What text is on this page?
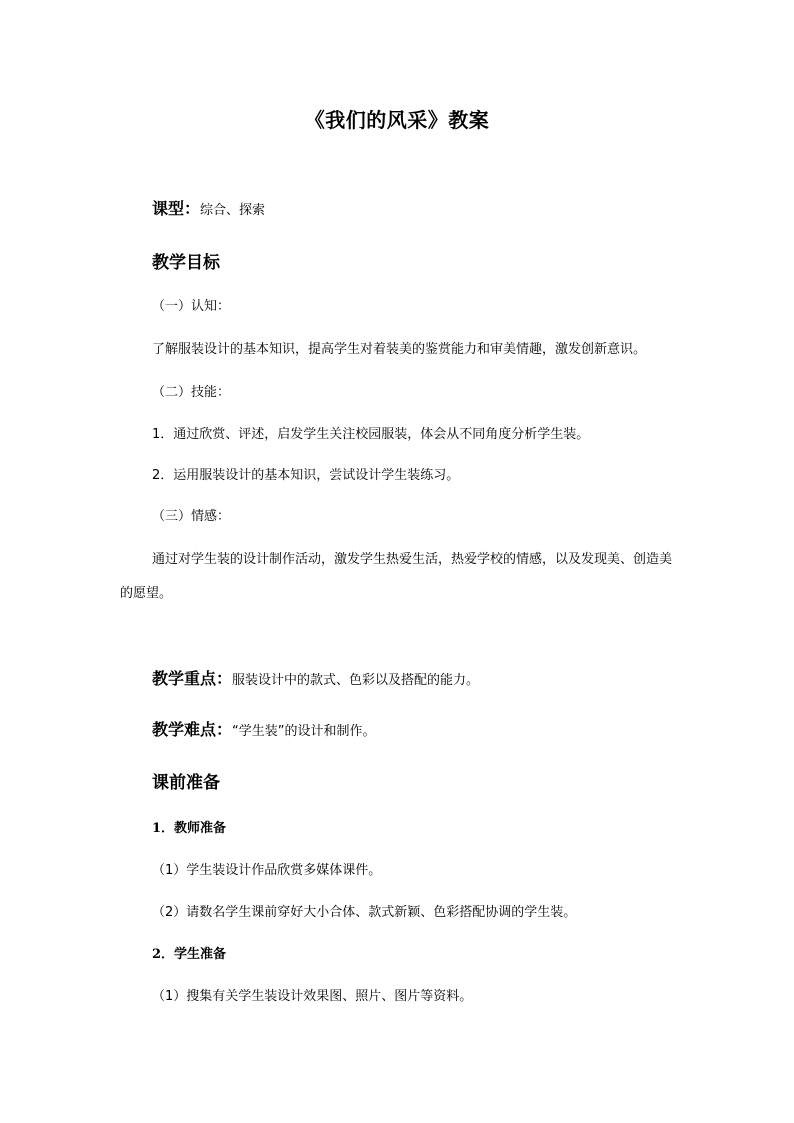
《我们的风采》教案
课型：综合、探索
教学目标
（一）认知：
了解服装设计的基本知识，提高学生对着装美的鉴赏能力和审美情趣，激发创新意识。
（二）技能：
1．通过欣赏、评述，启发学生关注校园服装，体会从不同角度分析学生装。
2．运用服装设计的基本知识，尝试设计学生装练习。
（三）情感：
通过对学生装的设计制作活动，激发学生热爱生活，热爱学校的情感，以及发现美、创造美的愿望。
教学重点：服装设计中的款式、色彩以及搭配的能力。
教学难点：“学生装”的设计和制作。
课前准备
1．教师准备
（1）学生装设计作品欣赏多媒体课件。
（2）请数名学生课前穿好大小合体、款式新颖、色彩搭配协调的学生装。
2．学生准备
（1）搜集有关学生装设计效果图、照片、图片等资料。
